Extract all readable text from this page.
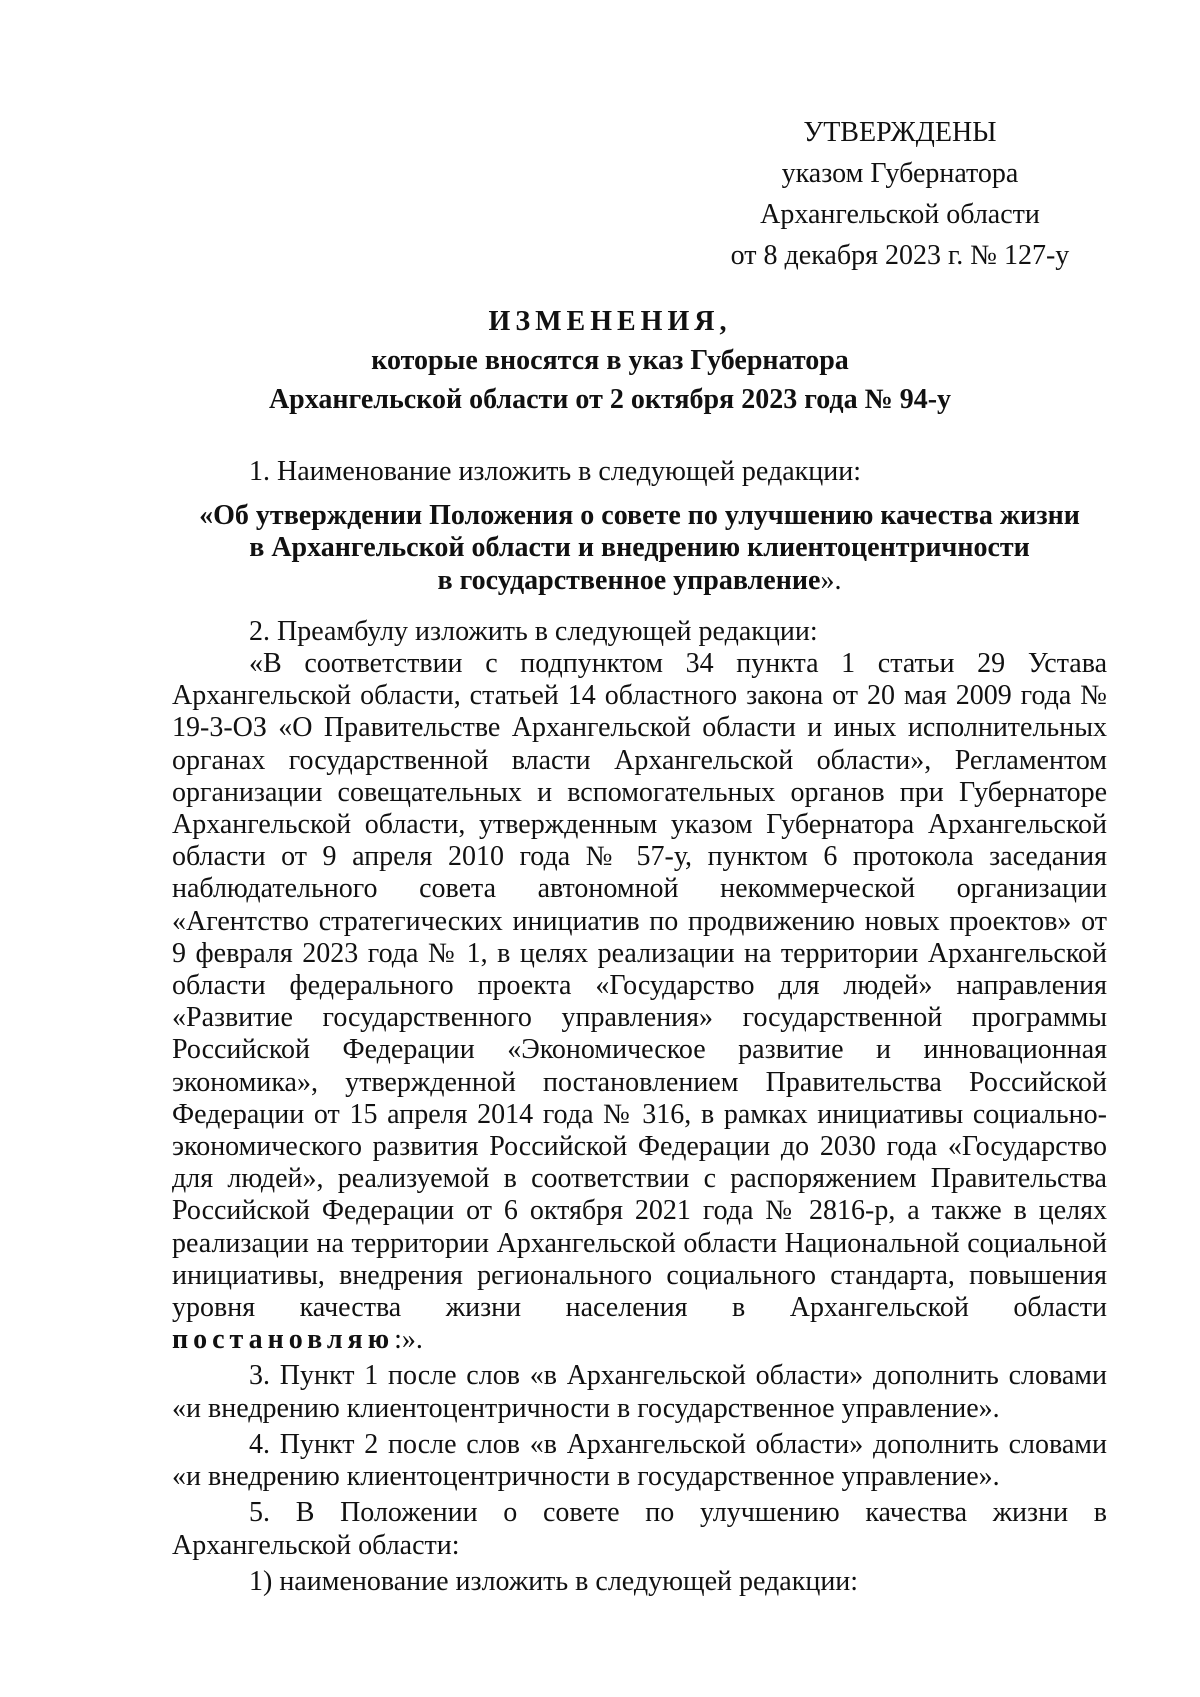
УТВЕРЖДЕНЫ
указом Губернатора
Архангельской области
от 8 декабря 2023 г. № 127-у
ИЗМЕНЕНИЯ,
которые вносятся в указ Губернатора
Архангельской области от 2 октября 2023 года № 94-у

1. Наименование изложить в следующей редакции:

«Об утверждении Положения о совете по улучшению качества жизни
в Архангельской области и внедрению клиентоцентричности
в государственное управление».

2. Преамбулу изложить в следующей редакции:

«В соответствии с подпунктом 34 пункта 1 статьи 29 Устава Архангельской области, статьей 14 областного закона от 20 мая 2009 года № 19-3-ОЗ «О Правительстве Архангельской области и иных исполнительных органах государственной власти Архангельской области», Регламентом организации совещательных и вспомогательных органов при Губернаторе Архангельской области, утвержденным указом Губернатора Архангельской области от 9 апреля 2010 года № 57-у, пунктом 6 протокола заседания наблюдательного совета автономной некоммерческой организации «Агентство стратегических инициатив по продвижению новых проектов» от 9 февраля 2023 года № 1, в целях реализации на территории Архангельской области федерального проекта «Государство для людей» направления «Развитие государственного управления» государственной программы Российской Федерации «Экономическое развитие и инновационная экономика», утвержденной постановлением Правительства Российской Федерации от 15 апреля 2014 года № 316, в рамках инициативы социально-экономического развития Российской Федерации до 2030 года «Государство для людей», реализуемой в соответствии с распоряжением Правительства Российской Федерации от 6 октября 2021 года № 2816-р, а также в целях реализации на территории Архангельской области Национальной социальной инициативы, внедрения регионального социального стандарта, повышения уровня качества жизни населения в Архангельской области постановляю:».

3. Пункт 1 после слов «в Архангельской области» дополнить словами «и внедрению клиентоцентричности в государственное управление».

4. Пункт 2 после слов «в Архангельской области» дополнить словами «и внедрению клиентоцентричности в государственное управление».

5. В Положении о совете по улучшению качества жизни в Архангельской области:

1) наименование изложить в следующей редакции:
